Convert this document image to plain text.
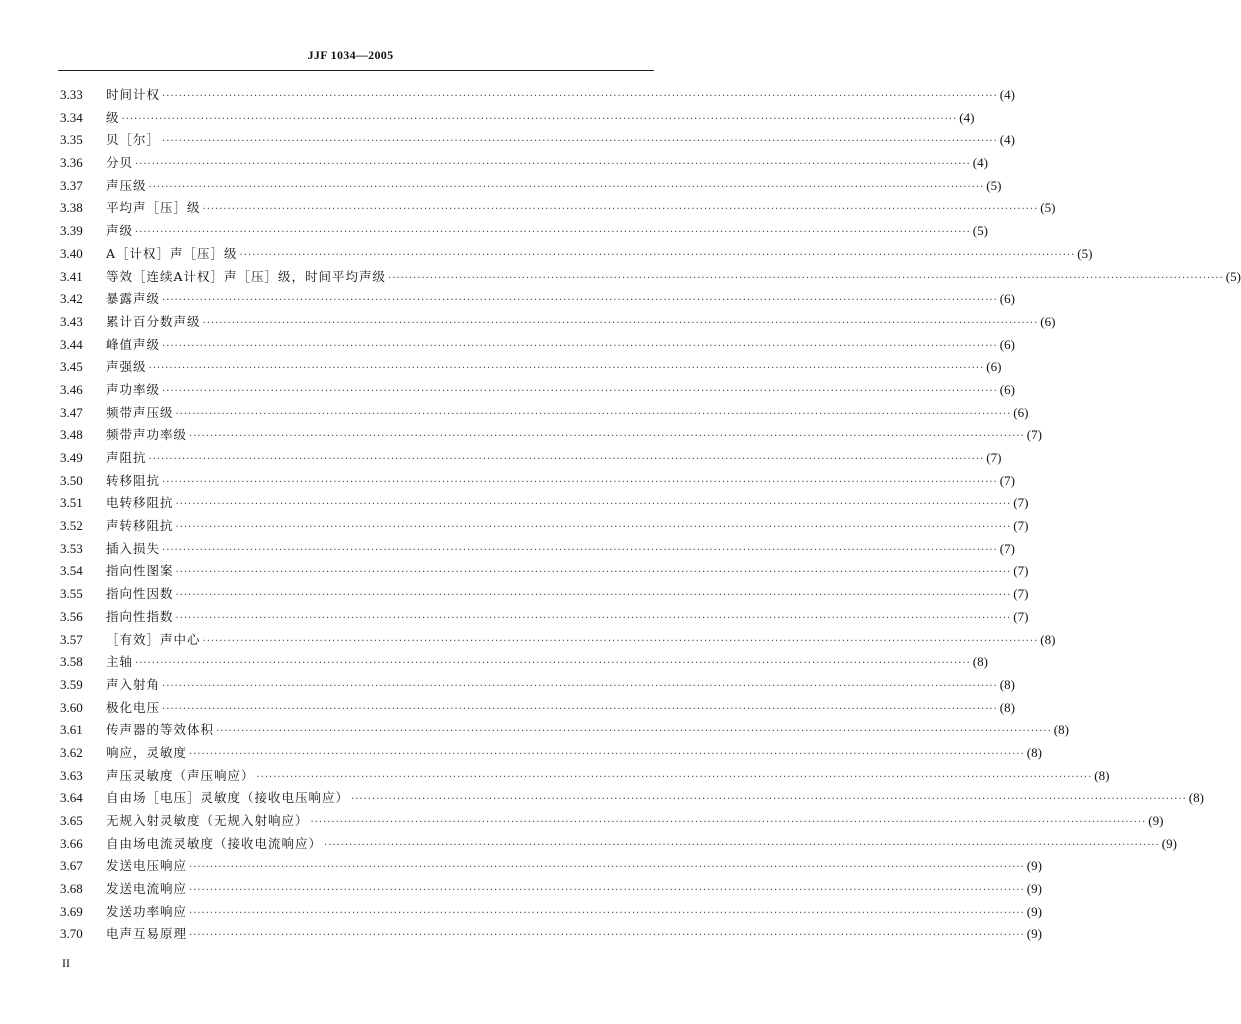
JJF 1034—2005
3.33	时间计权 ········································································································································································································ (4)
3.34	级 ········································································································································································································ (4)
3.35	贝［尔］ ········································································································································································································ (4)
3.36	分贝 ········································································································································································································ (4)
3.37	声压级 ········································································································································································································ (5)
3.38	平均声［压］级 ········································································································································································································ (5)
3.39	声级 ········································································································································································································ (5)
3.40	A［计权］声［压］级 ········································································································································································································ (5)
3.41	等效［连续A计权］声［压］级，时间平均声级 ········································································································································································································ (5)
3.42	暴露声级 ········································································································································································································ (6)
3.43	累计百分数声级 ········································································································································································································ (6)
3.44	峰值声级 ········································································································································································································ (6)
3.45	声强级 ········································································································································································································ (6)
3.46	声功率级 ········································································································································································································ (6)
3.47	频带声压级 ········································································································································································································ (6)
3.48	频带声功率级 ········································································································································································································ (7)
3.49	声阻抗 ········································································································································································································ (7)
3.50	转移阻抗 ········································································································································································································ (7)
3.51	电转移阻抗 ········································································································································································································ (7)
3.52	声转移阻抗 ········································································································································································································ (7)
3.53	插入损失 ········································································································································································································ (7)
3.54	指向性图案 ········································································································································································································ (7)
3.55	指向性因数 ········································································································································································································ (7)
3.56	指向性指数 ········································································································································································································ (7)
3.57	［有效］声中心 ········································································································································································································ (8)
3.58	主轴 ········································································································································································································ (8)
3.59	声入射角 ········································································································································································································ (8)
3.60	极化电压 ········································································································································································································ (8)
3.61	传声器的等效体积 ········································································································································································································ (8)
3.62	响应，灵敏度 ········································································································································································································ (8)
3.63	声压灵敏度（声压响应） ········································································································································································································ (8)
3.64	自由场［电压］灵敏度（接收电压响应） ········································································································································································································ (8)
3.65	无规入射灵敏度（无规入射响应） ········································································································································································································ (9)
3.66	自由场电流灵敏度（接收电流响应） ········································································································································································································ (9)
3.67	发送电压响应 ········································································································································································································ (9)
3.68	发送电流响应 ········································································································································································································ (9)
3.69	发送功率响应 ········································································································································································································ (9)
3.70	电声互易原理 ········································································································································································································ (9)
II
